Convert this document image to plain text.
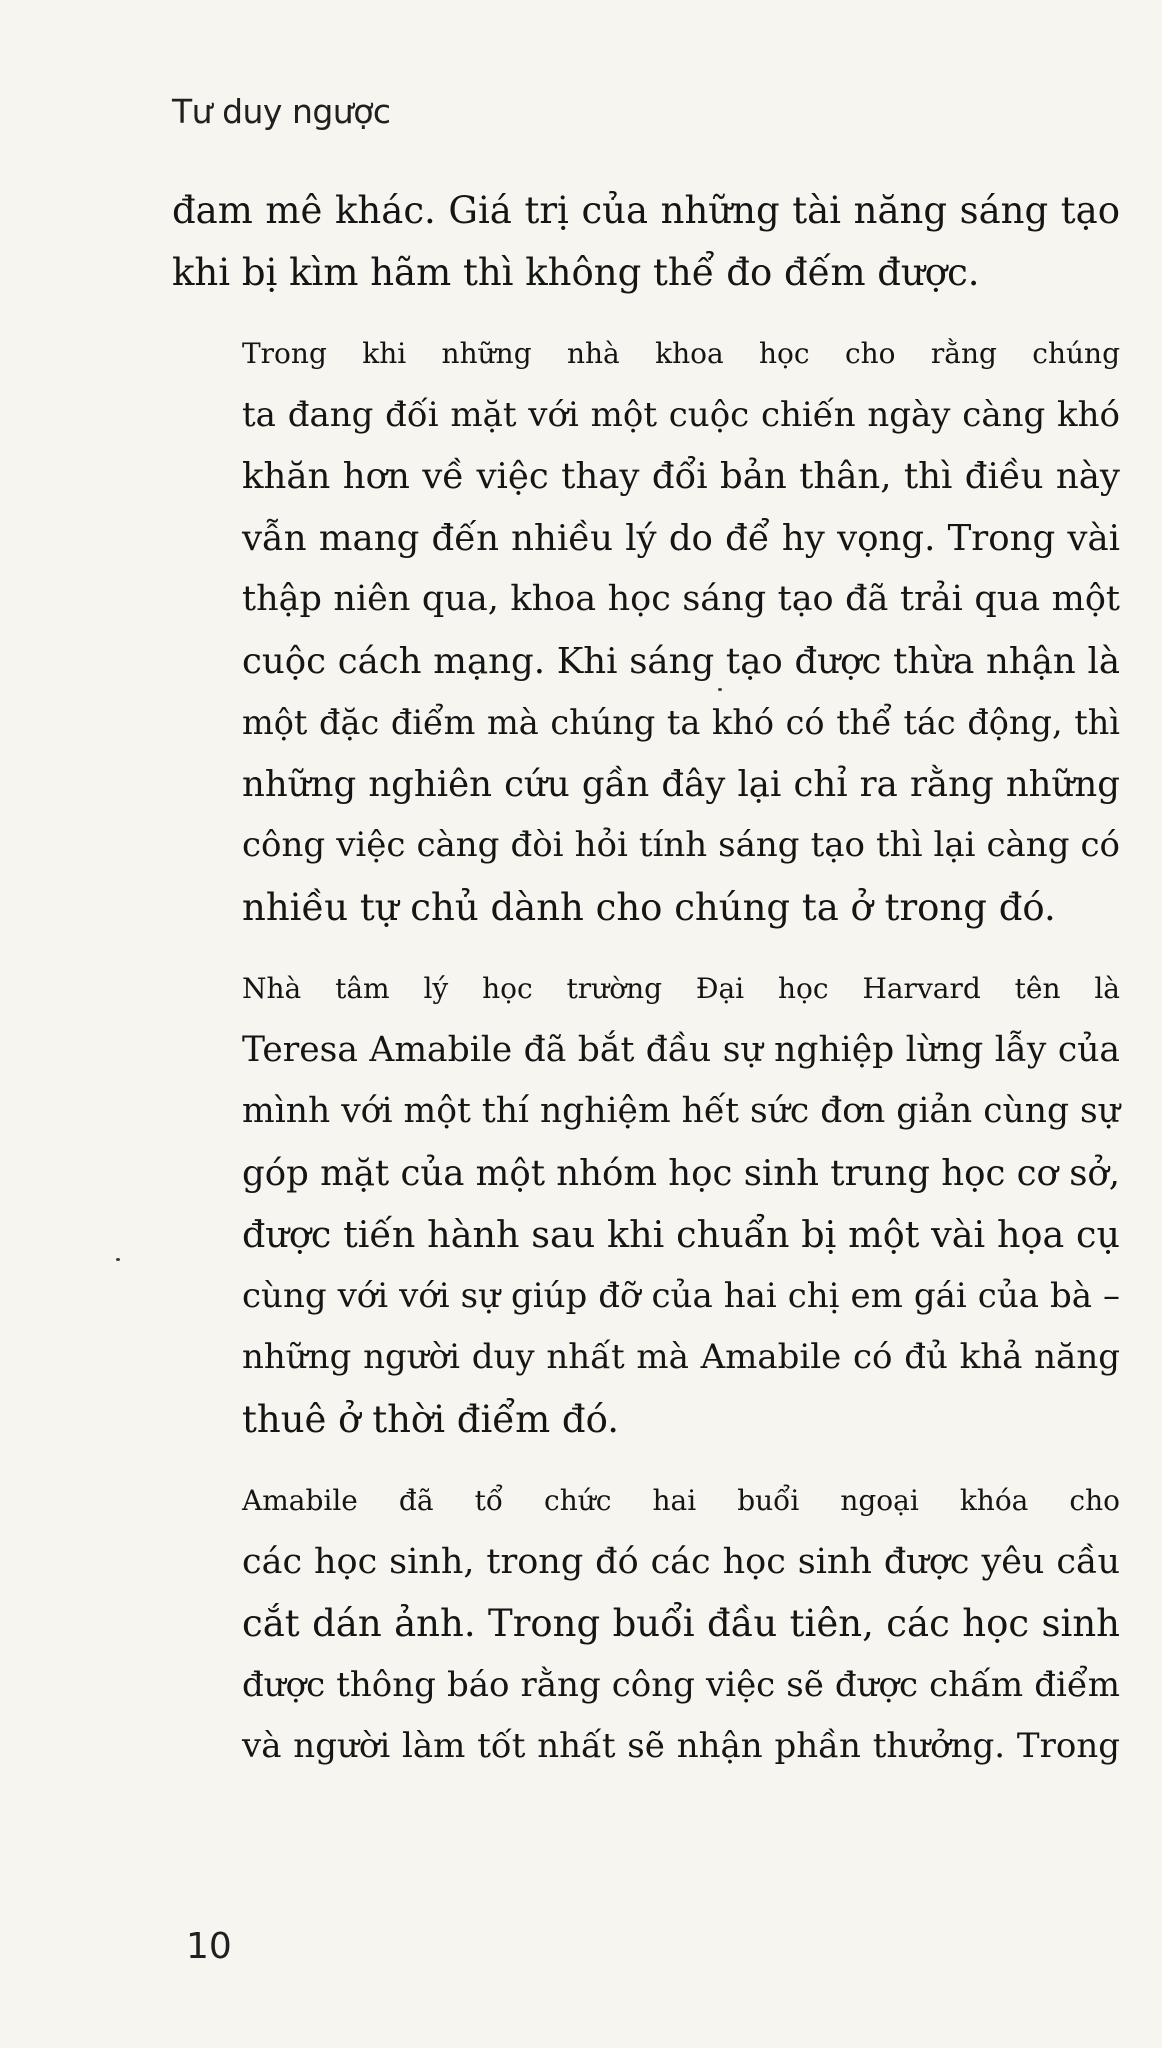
Tư duy ngược

đam mê khác. Giá trị của những tài năng sáng tạo
khi bị kìm hãm thì không thể đo đếm được.

Trong khi những nhà khoa học cho rằng chúng
ta đang đối mặt với một cuộc chiến ngày càng khó
khăn hơn về việc thay đổi bản thân, thì điều này
vẫn mang đến nhiều lý do để hy vọng. Trong vài
thập niên qua, khoa học sáng tạo đã trải qua một
cuộc cách mạng. Khi sáng tạo được thừa nhận là
một đặc điểm mà chúng ta khó có thể tác động, thì
những nghiên cứu gần đây lại chỉ ra rằng những
công việc càng đòi hỏi tính sáng tạo thì lại càng có
nhiều tự chủ dành cho chúng ta ở trong đó.

Nhà tâm lý học trường Đại học Harvard tên là
Teresa Amabile đã bắt đầu sự nghiệp lừng lẫy của
mình với một thí nghiệm hết sức đơn giản cùng sự
góp mặt của một nhóm học sinh trung học cơ sở,
được tiến hành sau khi chuẩn bị một vài họa cụ
cùng với với sự giúp đỡ của hai chị em gái của bà –
những người duy nhất mà Amabile có đủ khả năng
thuê ở thời điểm đó.

Amabile đã tổ chức hai buổi ngoại khóa cho
các học sinh, trong đó các học sinh được yêu cầu
cắt dán ảnh. Trong buổi đầu tiên, các học sinh
được thông báo rằng công việc sẽ được chấm điểm
và người làm tốt nhất sẽ nhận phần thưởng. Trong

10
